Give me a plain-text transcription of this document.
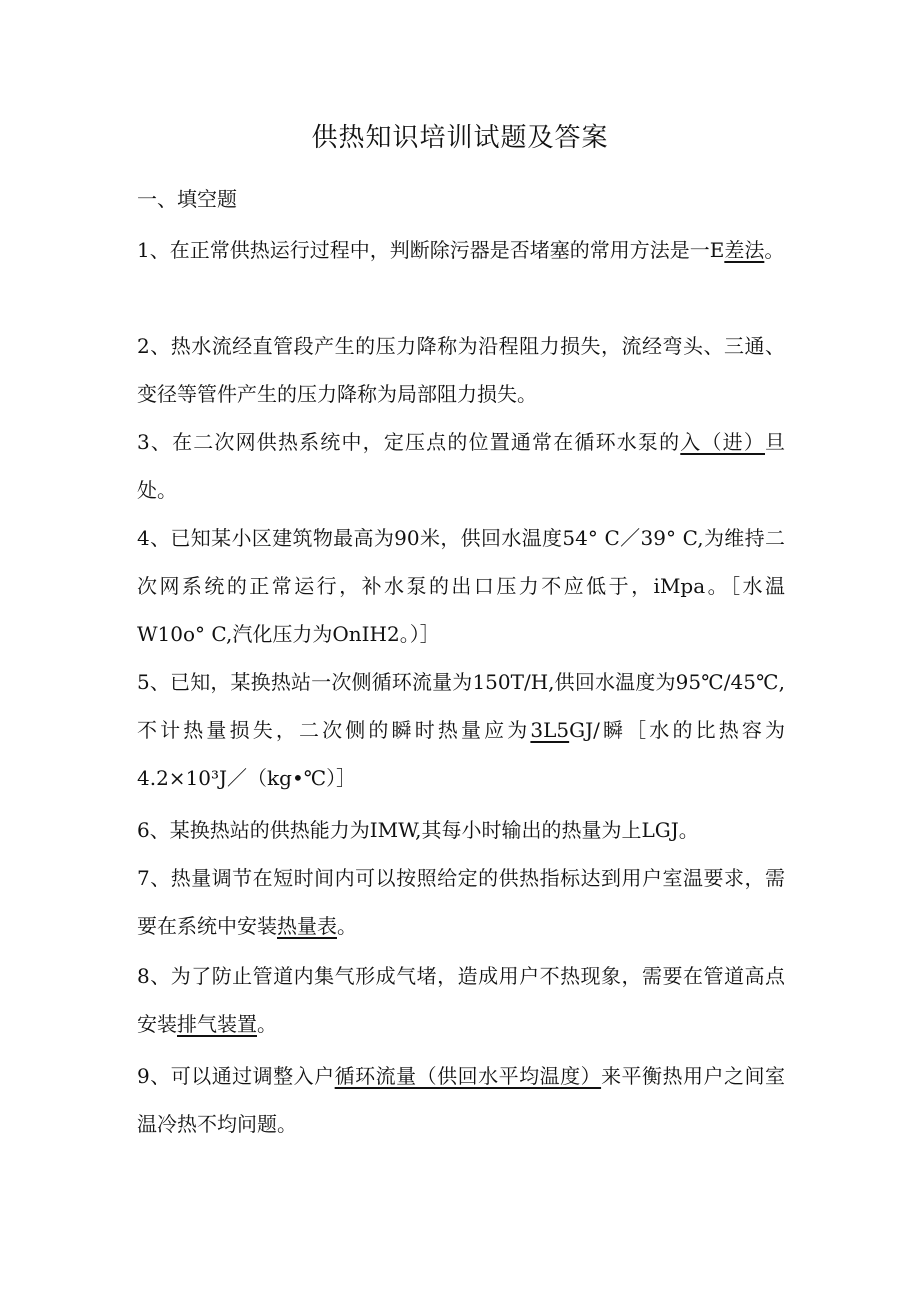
供热知识培训试题及答案
一、填空题
1、在正常供热运行过程中，判断除污器是否堵塞的常用方法是一E差法。
2、热水流经直管段产生的压力降称为沿程阻力损失，流经弯头、三通、变径等管件产生的压力降称为局部阻力损失。
3、在二次网供热系统中，定压点的位置通常在循环水泵的入（进）旦处。
4、已知某小区建筑物最高为90米，供回水温度54° C／39° C,为维持二次网系统的正常运行，补水泵的出口压力不应低于，iMpa。［水温W10o° C,汽化压力为OnIH2。）］
5、已知，某换热站一次侧循环流量为150T/H,供回水温度为95℃/45℃,不计热量损失，二次侧的瞬时热量应为3L5GJ/瞬［水的比热容为4.2×10³J／（kg•℃）］
6、某换热站的供热能力为IMW,其每小时输出的热量为上LGJ。
7、热量调节在短时间内可以按照给定的供热指标达到用户室温要求，需要在系统中安装热量表。
8、为了防止管道内集气形成气堵，造成用户不热现象，需要在管道高点安装排气装置。
9、可以通过调整入户循环流量（供回水平均温度）来平衡热用户之间室温冷热不均问题。
